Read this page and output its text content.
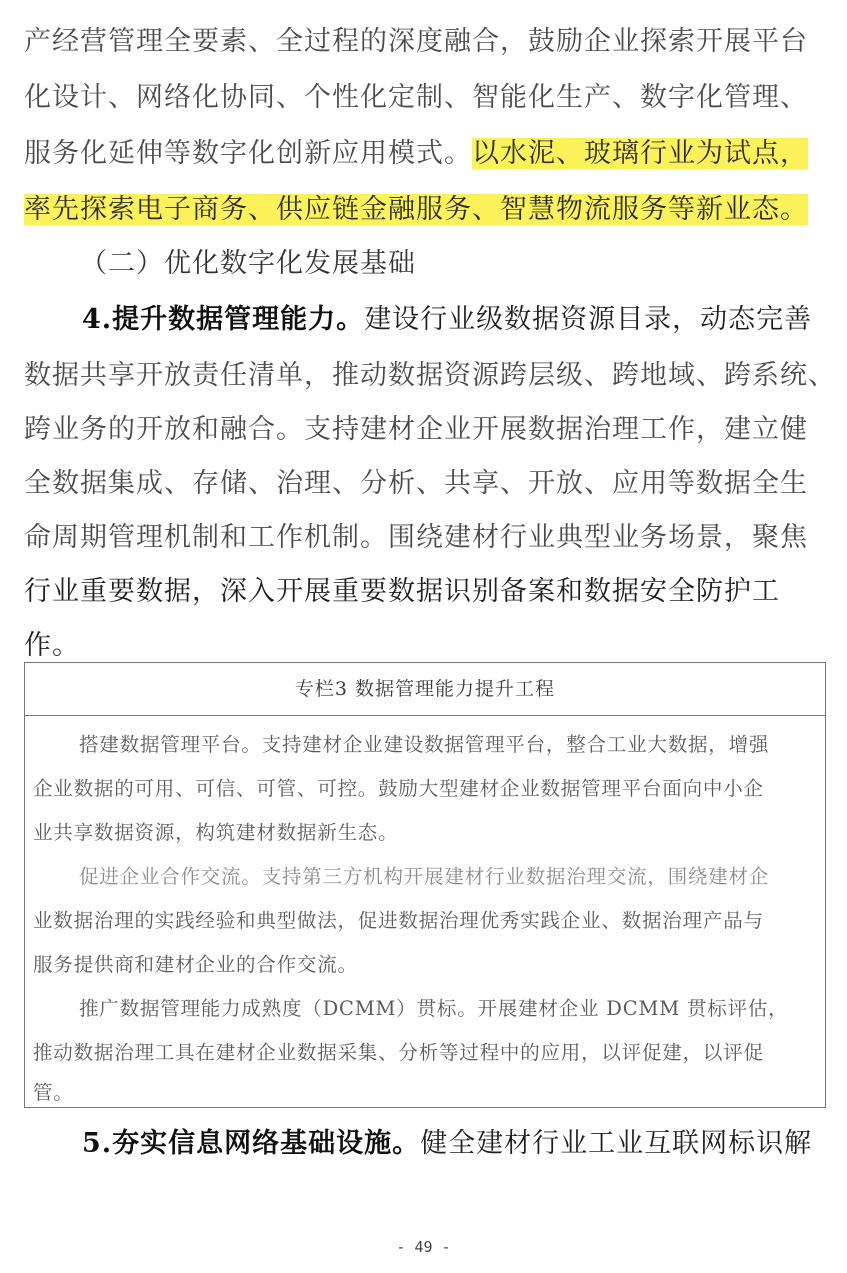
产经营管理全要素、全过程的深度融合，鼓励企业探索开展平台
化设计、网络化协同、个性化定制、智能化生产、数字化管理、
服务化延伸等数字化创新应用模式。以水泥、玻璃行业为试点，
率先探索电子商务、供应链金融服务、智慧物流服务等新业态。
（二）优化数字化发展基础
4.提升数据管理能力。建设行业级数据资源目录，动态完善
数据共享开放责任清单，推动数据资源跨层级、跨地域、跨系统、
跨业务的开放和融合。支持建材企业开展数据治理工作，建立健
全数据集成、存储、治理、分析、共享、开放、应用等数据全生
命周期管理机制和工作机制。围绕建材行业典型业务场景，聚焦
行业重要数据，深入开展重要数据识别备案和数据安全防护工
作。
专栏3 数据管理能力提升工程
搭建数据管理平台。支持建材企业建设数据管理平台，整合工业大数据，增强
企业数据的可用、可信、可管、可控。鼓励大型建材企业数据管理平台面向中小企
业共享数据资源，构筑建材数据新生态。
促进企业合作交流。支持第三方机构开展建材行业数据治理交流，围绕建材企
业数据治理的实践经验和典型做法，促进数据治理优秀实践企业、数据治理产品与
服务提供商和建材企业的合作交流。
推广数据管理能力成熟度（DCMM）贯标。开展建材企业 DCMM 贯标评估，
推动数据治理工具在建材企业数据采集、分析等过程中的应用，以评促建，以评促
管。
5.夯实信息网络基础设施。健全建材行业工业互联网标识解
- 49 -
